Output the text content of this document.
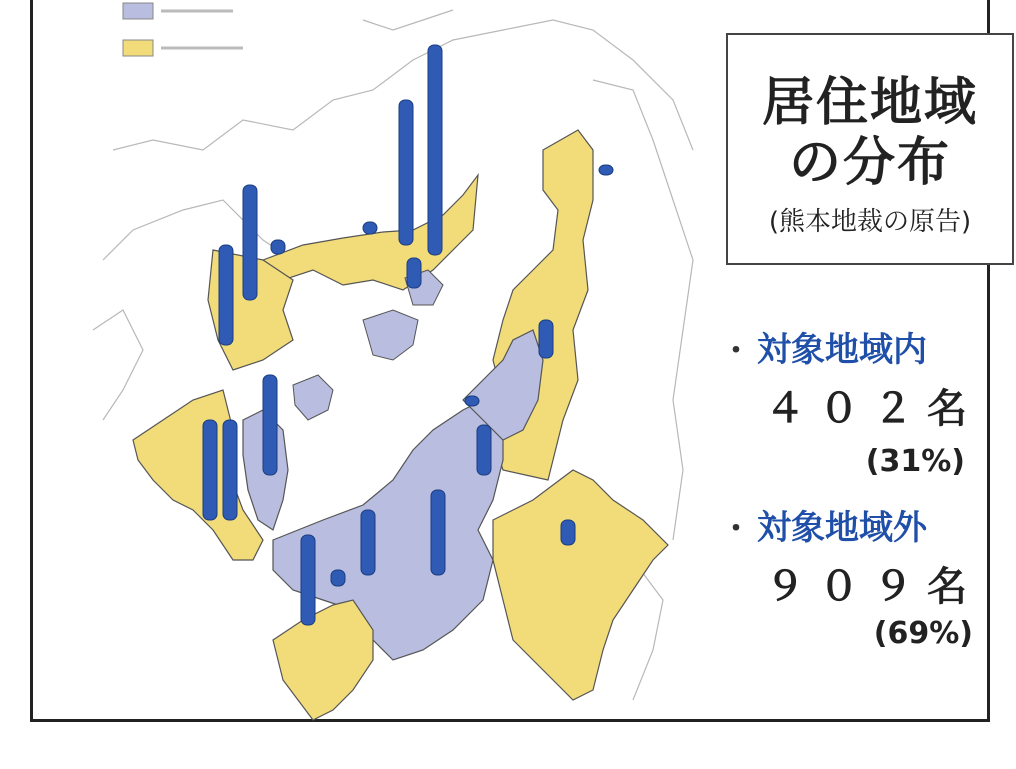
居住地域
の分布
(熊本地裁の原告)
・ 対象地域内
４０２名
(31%)
・ 対象地域外
９０９名
(69%)
